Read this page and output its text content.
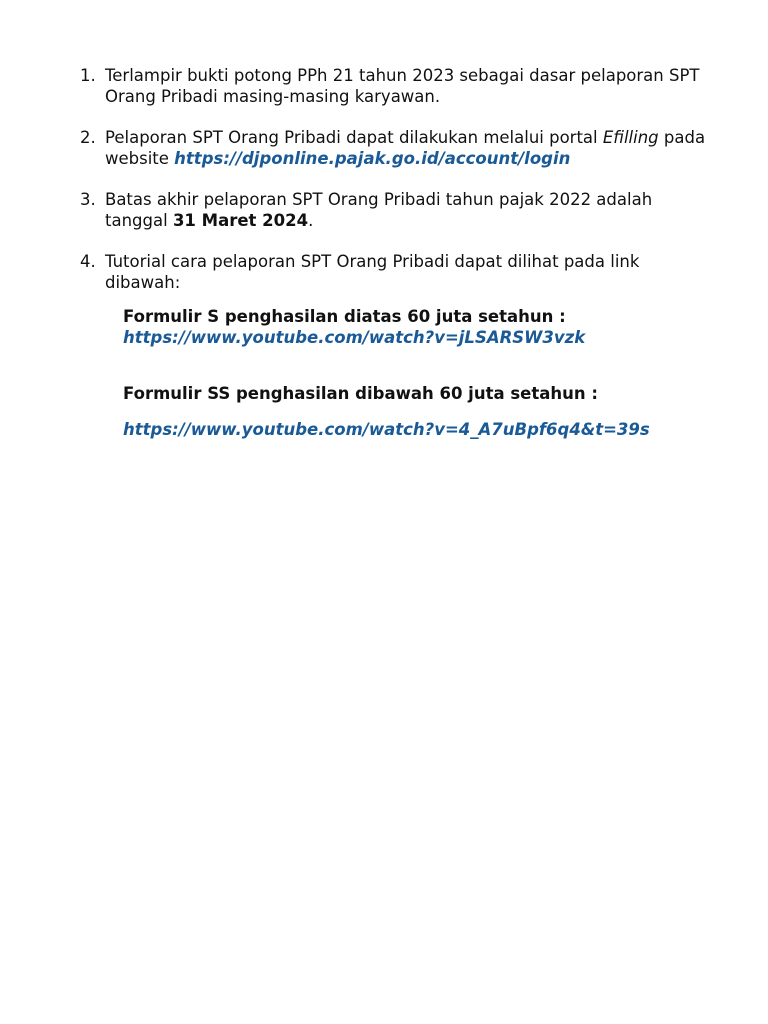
1. Terlampir bukti potong PPh 21 tahun 2023 sebagai dasar pelaporan SPT
Orang Pribadi masing-masing karyawan.
2. Pelaporan SPT Orang Pribadi dapat dilakukan melalui portal Efilling pada
website https://djponline.pajak.go.id/account/login
3. Batas akhir pelaporan SPT Orang Pribadi tahun pajak 2022 adalah
tanggal 31 Maret 2024.
4. Tutorial cara pelaporan SPT Orang Pribadi dapat dilihat pada link
dibawah:
Formulir S penghasilan diatas 60 juta setahun :
https://www.youtube.com/watch?v=jLSARSW3vzk
Formulir SS penghasilan dibawah 60 juta setahun :
https://www.youtube.com/watch?v=4_A7uBpf6q4&t=39s
